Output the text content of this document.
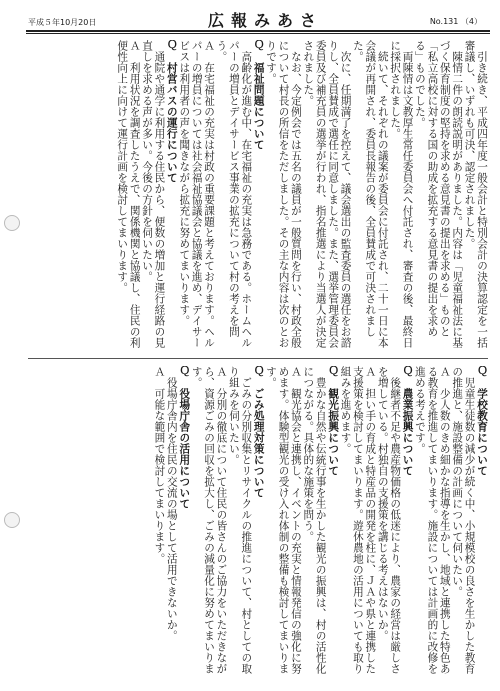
平成５年10月20日	広報みあさ	No.131 （4）

引き続き、平成四年度一般会計と特別会計の決算認定を一括審議し、いずれも可決、認定されました。

陳情二件の朗読説明がありました。内容は「児童福祉法に基づく保育制度の堅持を求める意見書の提出を求める」ものと「私立高校に対する国の助成を拡充する意見書の提出を求める」ものでした。

両陳情は文教厚生常任委員会へ付託され、審査の後、最終日に採択されました。

続いて、それぞれの議案が委員会に付託され、二十一日に本会議が再開され、委員長報告の後、全員賛成で可決されました。

次に、任期満了を控えて、議会選出の監査委員の選任をお諮りし、全員賛成で選任に同意しました。また、選挙管理委員会委員及び補充員の選挙が行われ、指名推選により当選人が決定されました。

なお、今定例会では五名の議員が一般質問を行い、村政全般について村長の所信をただしました。その主な内容は次のとおりです。

Ｑ　福祉問題について

高齢化が進む中、在宅福祉の充実は急務である。ホームヘルパーの増員とデイサービス事業の拡充について村の考えを問う。

Ａ　在宅福祉の充実は村政の重要課題と考えております。ヘルパーの増員については社会福祉協議会と協議を進め、デイサービスは利用者の声を聞きながら拡充に努めてまいります。

Ｑ　村営バスの運行について

通院や通学に利用する住民から、便数の増加と運行経路の見直しを求める声が多い。今後の方針を伺いたい。

Ａ　利用状況を調査したうえで、関係機関と協議し、住民の利便性向上に向けて運行計画を検討してまいります。

Ｑ　学校教育について

児童生徒数の減少が続く中、小規模校の良さを生かした教育の推進と、施設整備の計画について伺いたい。

Ａ　少人数のきめ細かな指導を生かし、地域と連携した特色ある教育を推進してまいります。施設については計画的に改修を進める考えです。

Ｑ　農業振興について

後継者不足や農産物価格の低迷により、農家の経営は厳しさを増している。村独自の支援策を講じる考えはないか。

Ａ　担い手の育成と特産品の開発を柱に、ＪＡや県と連携した支援策を検討してまいります。遊休農地の活用についても取り組みを進めます。

Ｑ　観光振興について

豊かな自然や伝統行事を生かした観光の振興は、村の活性化につながる。具体的な施策を問う。

Ａ　観光協会と連携し、イベントの充実と情報発信の強化に努めます。体験型観光の受け入れ体制の整備も検討してまいります。

Ｑ　ごみ処理対策について

ごみの分別収集とリサイクルの推進について、村としての取り組みを伺いたい。

Ａ　分別の徹底について住民の皆さんのご協力をいただきながら、資源ごみの回収を拡大し、ごみの減量化に努めてまいります。

Ｑ　役場庁舎の活用について

役場庁舎内を住民の交流の場として活用できないか。

Ａ　可能な範囲で検討してまいります。
